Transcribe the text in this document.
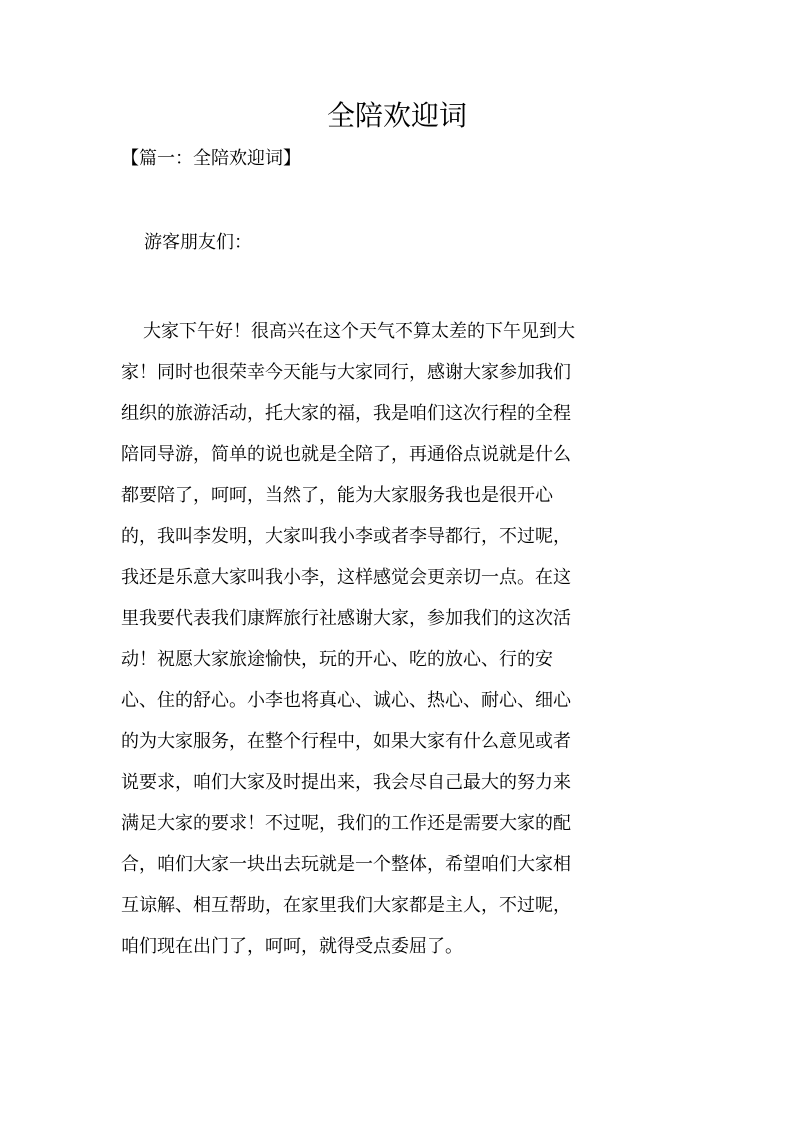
全陪欢迎词

【篇一：全陪欢迎词】

游客朋友们：

大家下午好！很高兴在这个天气不算太差的下午见到大
家！同时也很荣幸今天能与大家同行，感谢大家参加我们
组织的旅游活动，托大家的福，我是咱们这次行程的全程
陪同导游，简单的说也就是全陪了，再通俗点说就是什么
都要陪了，呵呵，当然了，能为大家服务我也是很开心
的，我叫李发明，大家叫我小李或者李导都行，不过呢，
我还是乐意大家叫我小李，这样感觉会更亲切一点。在这
里我要代表我们康辉旅行社感谢大家，参加我们的这次活
动！祝愿大家旅途愉快，玩的开心、吃的放心、行的安
心、住的舒心。小李也将真心、诚心、热心、耐心、细心
的为大家服务，在整个行程中，如果大家有什么意见或者
说要求，咱们大家及时提出来，我会尽自己最大的努力来
满足大家的要求！不过呢，我们的工作还是需要大家的配
合，咱们大家一块出去玩就是一个整体，希望咱们大家相
互谅解、相互帮助，在家里我们大家都是主人，不过呢，
咱们现在出门了，呵呵，就得受点委屈了。
